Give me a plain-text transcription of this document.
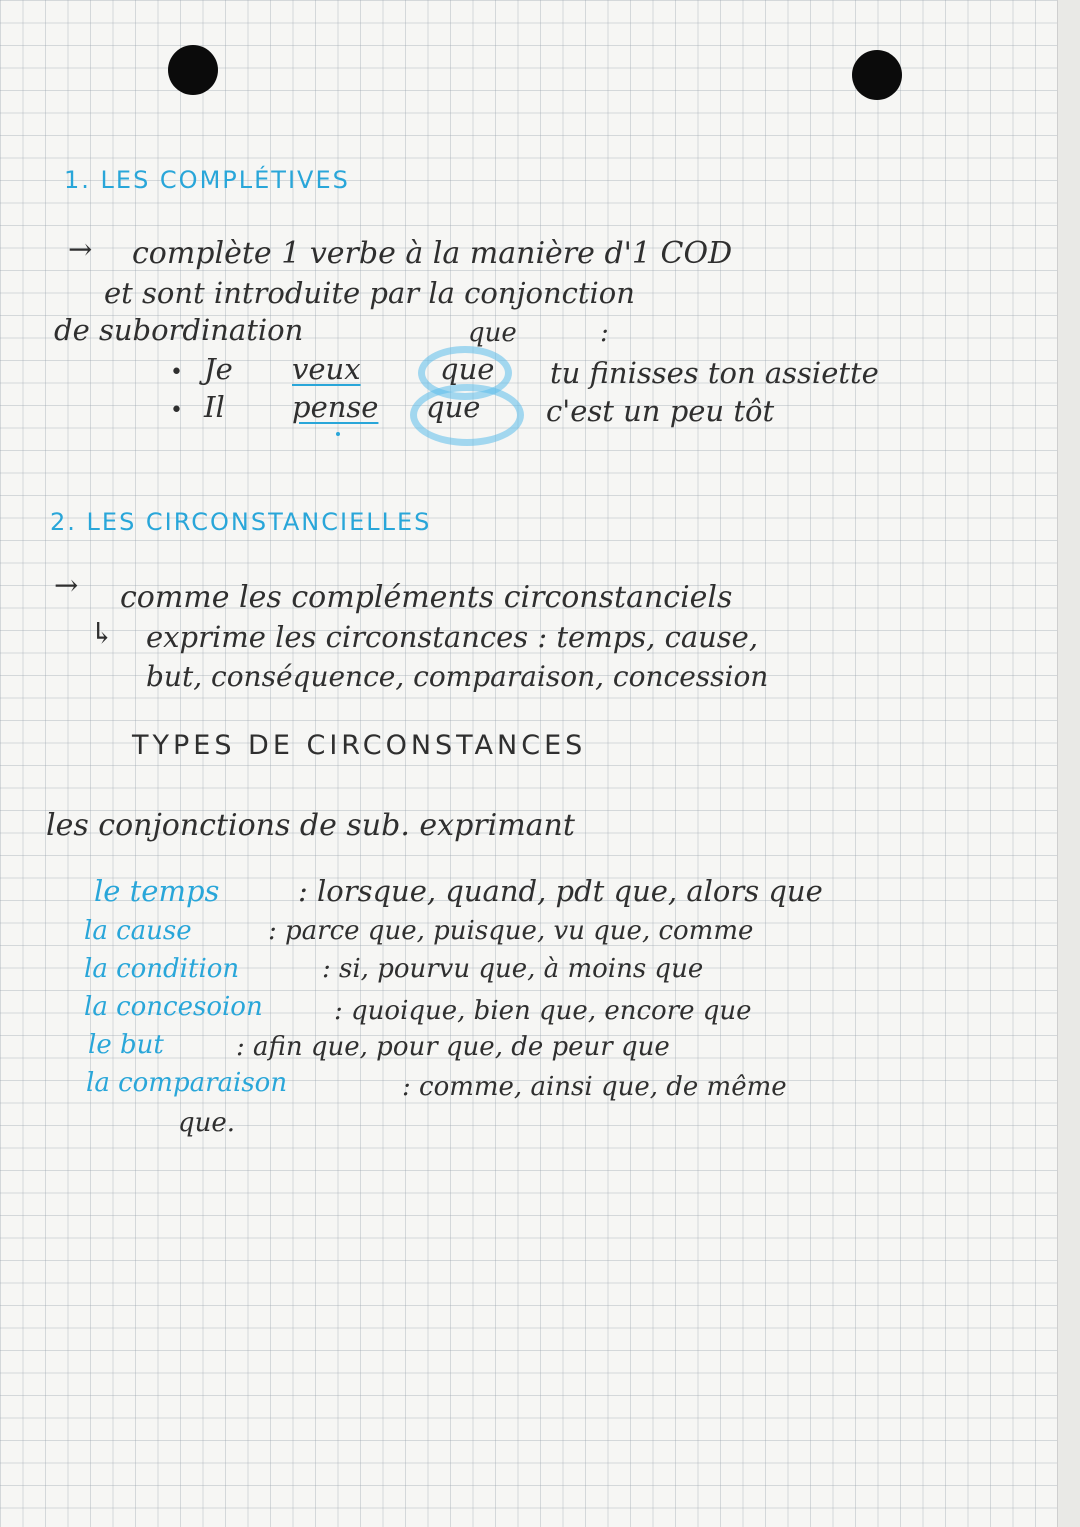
1. LES COMPLÉTIVES
→ complète 1 verbe à la manière d'1 COD
et sont introduite par la conjonction
de subordination	que	:
• Je veux	que tu finisses ton assiette
• Il pense que c'est un peu tôt
2. LES CIRCONSTANCIELLES
→ comme les compléments circonstanciels
↳ exprime les circonstances : temps, cause,
but, conséquence, comparaison, concession
TYPES DE CIRCONSTANCES
les conjonctions de sub. exprimant
le temps	: lorsque, quand, pdt que, alors que
la cause	: parce que, puisque, vu que, comme
la condition	: si, pourvu que, à moins que
la concesoion	: quoique, bien que, encore que
le but	: afin que, pour que, de peur que
la comparaison	: comme, ainsi que, de même
que.
